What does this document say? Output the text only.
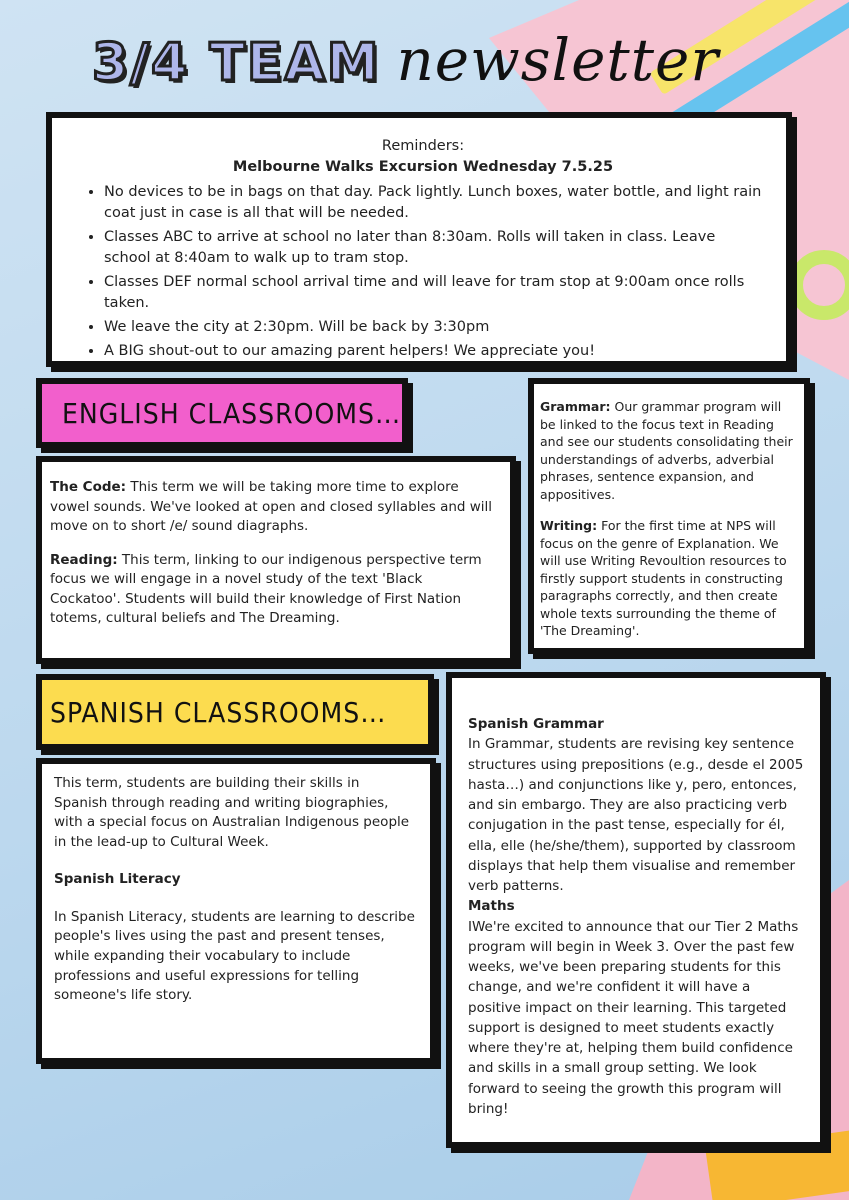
3/4 TEAM newsletter
Reminders:
Melbourne Walks Excursion Wednesday 7.5.25
• No devices to be in bags on that day. Pack lightly. Lunch boxes, water bottle, and light rain coat just in case is all that will be needed.
• Classes ABC to arrive at school no later than 8:30am. Rolls will taken in class. Leave school at 8:40am to walk up to tram stop.
• Classes DEF normal school arrival time and will leave for tram stop at 9:00am once rolls taken.
• We leave the city at 2:30pm. Will be back by 3:30pm
• A BIG shout-out to our amazing parent helpers! We appreciate you!
ENGLISH CLASSROOMS…

The Code: This term we will be taking more time to explore vowel sounds. We've looked at open and closed syllables and will move on to short /e/ sound diagraphs.

Reading: This term, linking to our indigenous perspective term focus we will engage in a novel study of the text 'Black Cockatoo'. Students will build their knowledge of First Nation totems, cultural beliefs and The Dreaming.

Grammar: Our grammar program will be linked to the focus text in Reading and see our students consolidating their understandings of adverbs, adverbial phrases, sentence expansion, and appositives.

Writing: For the first time at NPS will focus on the genre of Explanation. We will use Writing Revoultion resources to firstly support students in constructing paragraphs correctly, and then create whole texts surrounding the theme of 'The Dreaming'.

SPANISH CLASSROOMS…

This term, students are building their skills in Spanish through reading and writing biographies, with a special focus on Australian Indigenous people in the lead-up to Cultural Week.

Spanish Literacy

In Spanish Literacy, students are learning to describe people's lives using the past and present tenses, while expanding their vocabulary to include professions and useful expressions for telling someone's life story.

Spanish Grammar
In Grammar, students are revising key sentence structures using prepositions (e.g., desde el 2005 hasta…) and conjunctions like y, pero, entonces, and sin embargo. They are also practicing verb conjugation in the past tense, especially for él, ella, elle (he/she/them), supported by classroom displays that help them visualise and remember verb patterns.
Maths
IWe're excited to announce that our Tier 2 Maths program will begin in Week 3. Over the past few weeks, we've been preparing students for this change, and we're confident it will have a positive impact on their learning. This targeted support is designed to meet students exactly where they're at, helping them build confidence and skills in a small group setting. We look forward to seeing the growth this program will bring!
